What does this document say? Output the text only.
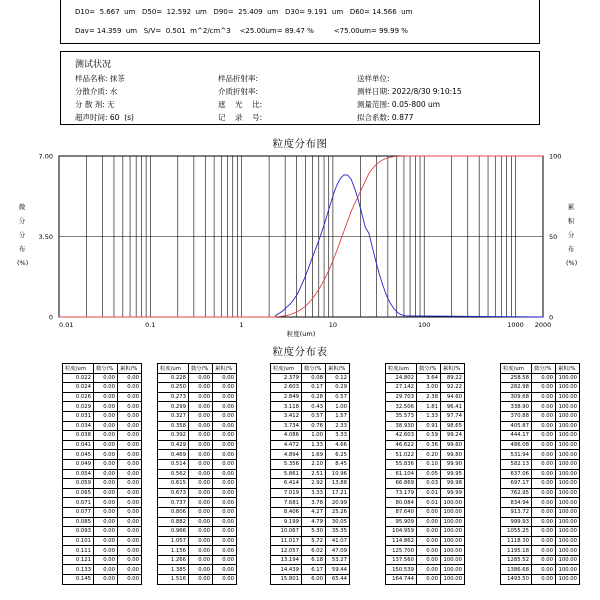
D10=  5.667  um   D50=  12.592  um   D90=  25.409  um   D30= 9.191  um   D60= 14.566  um
Dav= 14.359  um   S/V=  0.501  m^2/cm^3    <25.00um= 89.47 %         <75.00um= 99.99 %
测试状况
样品名称: 抹茶
分散介质: 水
分 散 剂: 无
超声时间: 60  (s)
样品折射率:
介质折射率:
遮    光    比:
记    录    号:
送样单位:
测样日期: 2022/8/30 9:10:15
测量范围: 0.05-800 um
拟合系数: 0.877
粒度分布图
微
分
分
布
(%)
累
积
分
布
(%)
0
3.50
7.00
0
50
100
0.01	0.1	1	10	100	1000 2000
粒度(um)
粒度分布表
粒度/um	微分/%	累积/%
0.022	0.00	0.00
0.024	0.00	0.00
0.026	0.00	0.00
0.029	0.00	0.00
0.031	0.00	0.00
0.034	0.00	0.00
0.038	0.00	0.00
0.041	0.00	0.00
0.045	0.00	0.00
0.049	0.00	0.00
0.054	0.00	0.00
0.059	0.00	0.00
0.065	0.00	0.00
0.071	0.00	0.00
0.077	0.00	0.00
0.085	0.00	0.00
0.093	0.00	0.00
0.101	0.00	0.00
0.111	0.00	0.00
0.121	0.00	0.00
0.133	0.00	0.00
0.145	0.00	0.00
粒度/um	微分/%	累积/%
0.228	0.00	0.00
0.250	0.00	0.00
0.273	0.00	0.00
0.299	0.00	0.00
0.327	0.00	0.00
0.358	0.00	0.00
0.392	0.00	0.00
0.429	0.00	0.00
0.469	0.00	0.00
0.514	0.00	0.00
0.562	0.00	0.00
0.615	0.00	0.00
0.673	0.00	0.00
0.737	0.00	0.00
0.806	0.00	0.00
0.882	0.00	0.00
0.966	0.00	0.00
1.057	0.00	0.00
1.156	0.00	0.00
1.266	0.00	0.00
1.385	0.00	0.00
1.516	0.00	0.00
粒度/um	微分/%	累积/%
2.379	0.08	0.12
2.603	0.17	0.29
2.849	0.28	0.57
3.118	0.43	1.00
3.412	0.57	1.57
3.734	0.76	2.33
4.086	1.00	3.33
4.472	1.33	4.66
4.894	1.69	6.25
5.356	2.10	8.45
5.861	2.51	10.96
6.414	2.92	13.88
7.019	3.33	17.21
7.681	3.78	20.99
8.406	4.27	25.26
9.199	4.79	30.05
10.067	5.30	35.35
11.017	5.72	41.07
12.057	6.02	47.09
13.194	6.18	53.27
14.439	6.17	59.44
15.801	6.00	65.44
粒度/um	微分/%	累积/%
24.802	3.64	89.22
27.142	3.00	92.22
29.703	2.38	94.60
32.506	1.81	96.41
35.573	1.33	97.74
38.930	0.91	98.65
42.603	0.59	99.24
46.622	0.36	99.60
51.022	0.20	99.80
55.836	0.10	99.90
61.104	0.05	99.95
66.869	0.03	99.98
73.179	0.01	99.99
80.084	0.01	100.00
87.640	0.00	100.00
95.909	0.00	100.00
104.959	0.00	100.00
114.862	0.00	100.00
125.700	0.00	100.00
137.560	0.00	100.00
150.539	0.00	100.00
164.744	0.00	100.00
粒度/um	微分/%	累积/%
258.58	0.00	100.00
282.98	0.00	100.00
309.68	0.00	100.00
338.90	0.00	100.00
370.88	0.00	100.00
405.87	0.00	100.00
444.17	0.00	100.00
486.08	0.00	100.00
531.94	0.00	100.00
582.13	0.00	100.00
637.06	0.00	100.00
697.17	0.00	100.00
762.95	0.00	100.00
834.94	0.00	100.00
913.72	0.00	100.00
999.93	0.00	100.00
1055.25	0.00	100.00
1118.30	0.00	100.00
1195.18	0.00	100.00
1285.52	0.00	100.00
1386.68	0.00	100.00
1493.50	0.00	100.00
